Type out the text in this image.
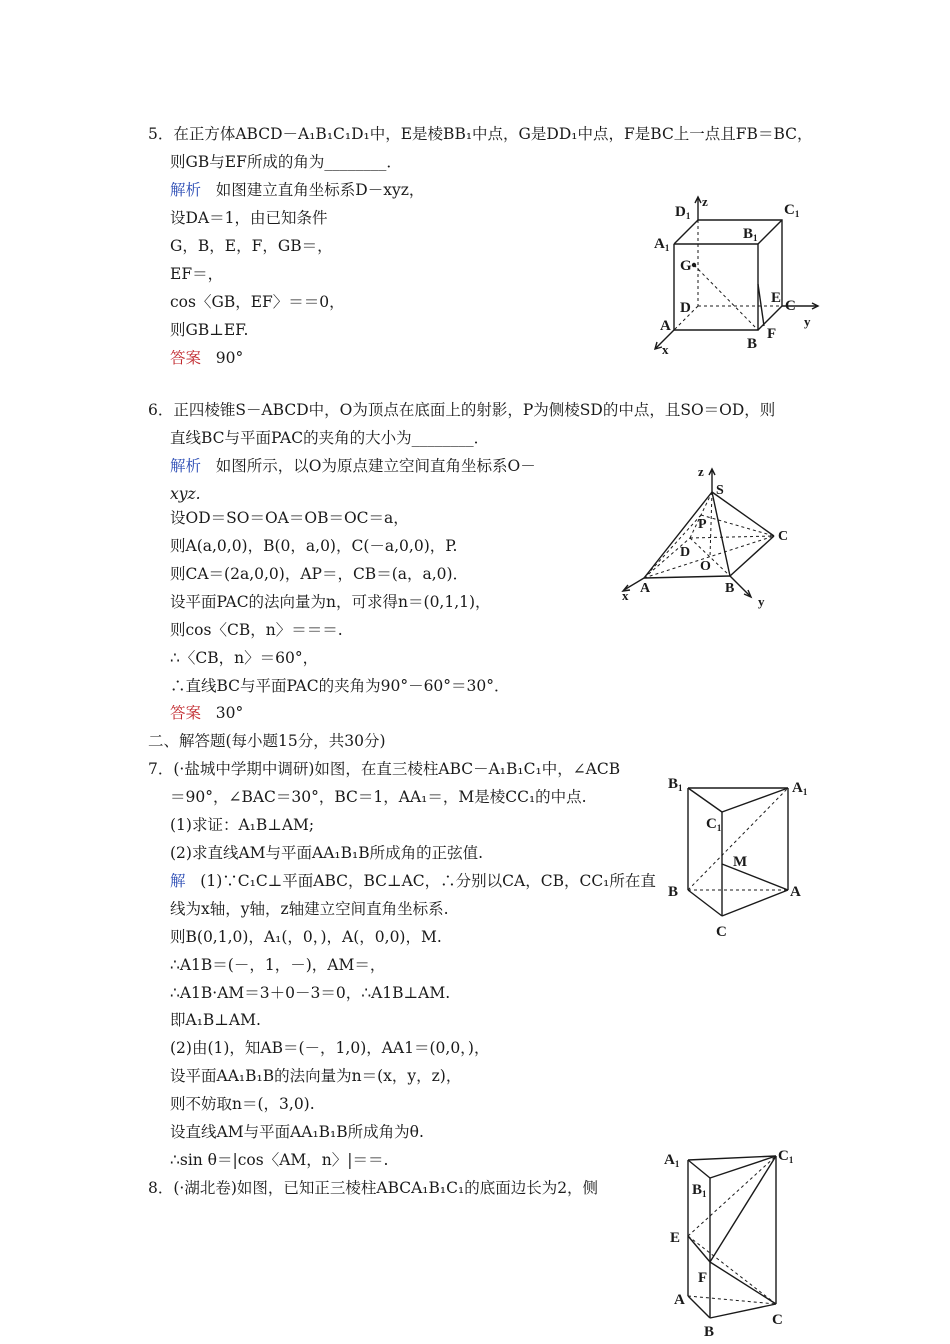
5．在正方体ABCD－A₁B₁C₁D₁中，E是棱BB₁中点，G是DD₁中点，F是BC上一点且FB＝BC，
则GB与EF所成的角为________．
解析 如图建立直角坐标系D－xyz，
设DA＝1，由已知条件
G，B，E，F，GB＝，
EF＝，
cos〈GB，EF〉＝＝0，
则GB⊥EF.
答案 90°
$D_1$
z
$C_1$
$A_1$
$B_1$
G
D
E C
A	F
B
x
y
6．正四棱锥S－ABCD中，O为顶点在底面上的射影，P为侧棱SD的中点，且SO＝OD，则
直线BC与平面PAC的夹角的大小为________．
解析 如图所示，以O为原点建立空间直角坐标系O－
xyz.
设OD＝SO＝OA＝OB＝OC＝a，
则A(a,0,0)，B(0，a,0)，C(－a,0,0)，P.
则CA＝(2a,0,0)，AP＝，CB＝(a，a,0)．
设平面PAC的法向量为n，可求得n＝(0,1,1)，
则cos〈CB，n〉＝＝＝.
∴〈CB，n〉＝60°，
∴直线BC与平面PAC的夹角为90°－60°＝30°．
答案 30°
z
S
P
C
D
O
A	B
x	y
二、解答题(每小题15分，共30分)
7．(·盐城中学期中调研)如图，在直三棱柱ABC－A₁B₁C₁中，∠ACB
＝90°，∠BAC＝30°，BC＝1，AA₁＝，M是棱CC₁的中点.
(1)求证：A₁B⊥AM;
(2)求直线AM与平面AA₁B₁B所成角的正弦值.
解 (1)∵C₁C⊥平面ABC，BC⊥AC，∴分别以CA，CB，CC₁所在直
线为x轴，y轴，z轴建立空间直角坐标系.
则B(0,1,0)，A₁(，0，)，A(，0,0)，M.
∴A1B＝(－，1，－)，AM＝，
∴A1B·AM＝3＋0－3＝0，∴A1B⊥AM.
即A₁B⊥AM.
(2)由(1)，知AB＝(－，1,0)，AA1＝(0,0，)，
设平面AA₁B₁B的法向量为n＝(x，y，z)，
则不妨取n＝(，3,0).
设直线AM与平面AA₁B₁B所成角为θ.
∴sin θ＝|cos〈AM，n〉|＝＝.
$B_1$	$A_1$
$C_1$
M
B	A
C
8．(·湖北卷)如图，已知正三棱柱ABCA₁B₁C₁的底面边长为2，侧
$A_1$	$C_1$
$B_1$
E
F
A
B
C
